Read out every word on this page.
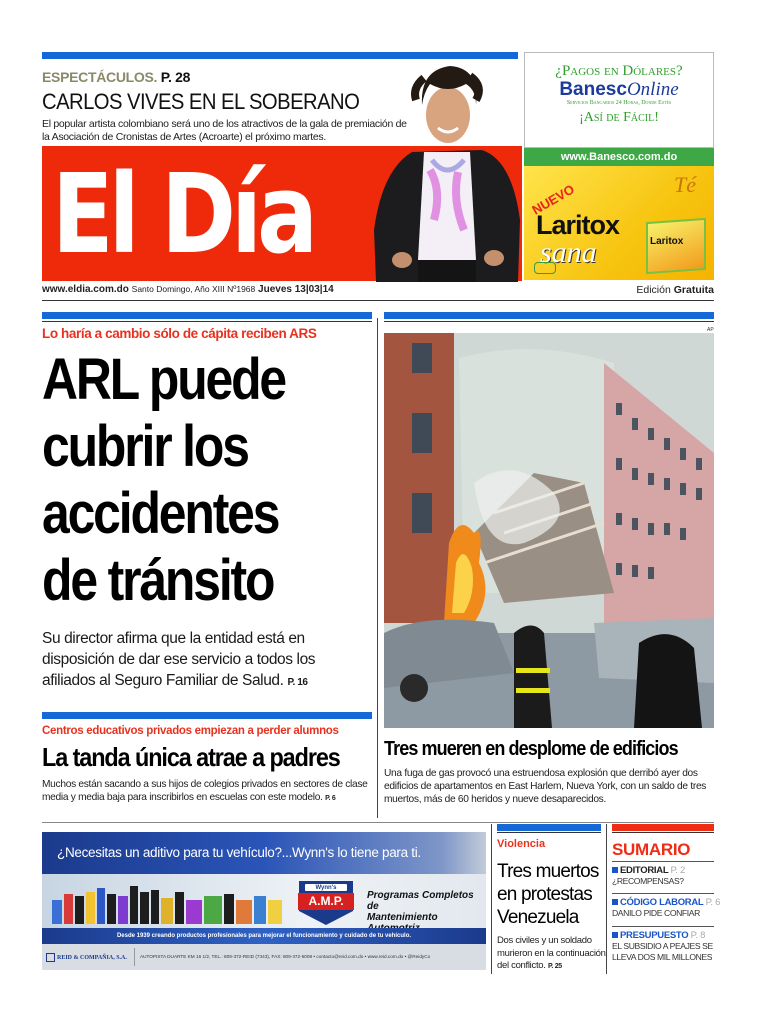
ESPECTÁCULOS. P. 28
CARLOS VIVES EN EL SOBERANO
El popular artista colombiano será uno de los atractivos de la gala de premiación de la Asociación de Cronistas de Artes (Acroarte) el próximo martes.
El Día
¿Pagos en Dólares?
BanescOnline
Servicios Bancarios 24 Horas, Donde Estés
¡Así de Fácil!
www.Banesco.com.do
NUEVO	Té
Laritox
Laritox
sana
www.eldia.com.do Santo Domingo, Año XIII Nº1968 Jueves 13|03|14	Edición Gratuita
Lo haría a cambio sólo de cápita reciben ARS
ARL puede
cubrir los
accidentes
de tránsito
Su director afirma que la entidad está en disposición de dar ese servicio a todos los afiliados al Seguro Familiar de Salud. P. 16
Centros educativos privados empiezan a perder alumnos
La tanda única atrae a padres
Muchos están sacando a sus hijos de colegios privados en sectores de clase media y media baja para inscribirlos en escuelas con este modelo. P. 6
AP
Tres mueren en desplome de edificios
Una fuga de gas provocó una estruendosa explosión que derribó ayer dos edificios de apartamentos en East Harlem, Nueva York, con un saldo de tres muertos, más de 60 heridos y nueve desaparecidos.
¿Necesitas un aditivo para tu vehículo?...Wynn's lo tiene para ti.
Wynn's
A.M.P.	Programas Completos de
Mantenimiento
Desde 1939 creando productos profesionales para mejorar el funcionamiento y cuidado de tu vehículo.
REID & COMPAÑIA, S.A.	AUTOPISTA DUARTE KM 16 1/2, TEL.: 809-372-REID (7343), FAX: 809-372-6008 • contacto@reid.com.do • www.reid.com.do • @ReidyCo
Violencia
Tres muertos en protestas Venezuela
Dos civiles y un soldado murieron en la continuación del conflicto. P. 25
SUMARIO
EDITORIAL P. 2
¿RECOMPENSAS?
CÓDIGO LABORAL P. 6
DANILO PIDE CONFIAR
PRESUPUESTO P. 8
EL SUBSIDIO A PEAJES SE LLEVA DOS MIL MILLONES
